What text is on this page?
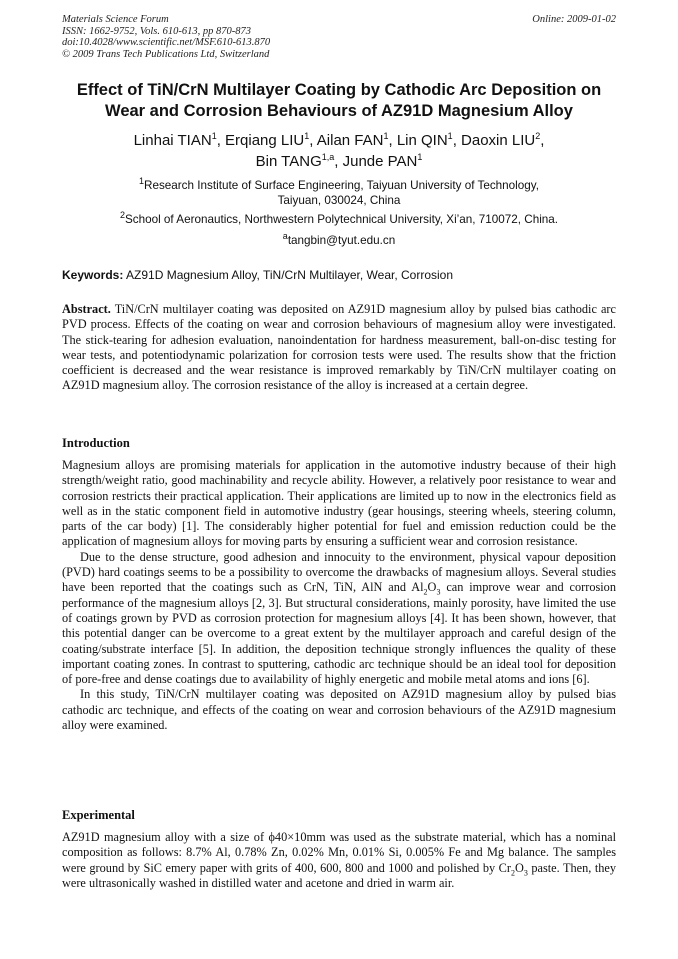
Materials Science Forum
ISSN: 1662-9752, Vols. 610-613, pp 870-873
doi:10.4028/www.scientific.net/MSF.610-613.870
© 2009 Trans Tech Publications Ltd, Switzerland
Online: 2009-01-02
Effect of TiN/CrN Multilayer Coating by Cathodic Arc Deposition on
Wear and Corrosion Behaviours of AZ91D Magnesium Alloy
Linhai TIAN$^1$, Erqiang LIU$^1$, Ailan FAN$^1$, Lin QIN$^1$, Daoxin LIU$^2$,
Bin TANG$^{1,a}$, Junde PAN$^1$
$^1$Research Institute of Surface Engineering, Taiyuan University of Technology,
Taiyuan, 030024, China
$^2$School of Aeronautics, Northwestern Polytechnical University, Xi’an, 710072, China.
$^a$tangbin@tyut.edu.cn
Keywords: AZ91D Magnesium Alloy, TiN/CrN Multilayer, Wear, Corrosion

Abstract. TiN/CrN multilayer coating was deposited on AZ91D magnesium alloy by pulsed bias cathodic arc PVD process. Effects of the coating on wear and corrosion behaviours of magnesium alloy were investigated. The stick-tearing for adhesion evaluation, nanoindentation for hardness measurement, ball-on-disc testing for wear tests, and potentiodynamic polarization for corrosion tests were used. The results show that the friction coefficient is decreased and the wear resistance is improved remarkably by TiN/CrN multilayer coating on AZ91D magnesium alloy. The corrosion resistance of the alloy is increased at a certain degree.

Introduction

Magnesium alloys are promising materials for application in the automotive industry because of their high strength/weight ratio, good machinability and recycle ability. However, a relatively poor resistance to wear and corrosion restricts their practical application. Their applications are limited up to now in the electronics field as well as in the static component field in automotive industry (gear housings, steering wheels, steering column, parts of the car body) [1]. The considerably higher potential for fuel and emission reduction could be the application of magnesium alloys for moving parts by ensuring a sufficient wear and corrosion resistance.

Due to the dense structure, good adhesion and innocuity to the environment, physical vapour deposition (PVD) hard coatings seems to be a possibility to overcome the drawbacks of magnesium alloys. Several studies have been reported that the coatings such as CrN, TiN, AlN and $Al_2O_3$ can improve wear and corrosion performance of the magnesium alloys [2, 3]. But structural considerations, mainly porosity, have limited the use of coatings grown by PVD as corrosion protection for magnesium alloys [4]. It has been shown, however, that this potential danger can be overcome to a great extent by the multilayer approach and careful design of the coating/substrate interface [5]. In addition, the deposition technique strongly influences the quality of these important coating zones. In contrast to sputtering, cathodic arc technique should be an ideal tool for deposition of pore-free and dense coatings due to availability of highly energetic and mobile metal atoms and ions [6].

In this study, TiN/CrN multilayer coating was deposited on AZ91D magnesium alloy by pulsed bias cathodic arc technique, and effects of the coating on wear and corrosion behaviours of the AZ91D magnesium alloy were examined.

Experimental

AZ91D magnesium alloy with a size of ϕ40×10mm was used as the substrate material, which has a nominal composition as follows: 8.7% Al, 0.78% Zn, 0.02% Mn, 0.01% Si, 0.005% Fe and Mg balance. The samples were ground by SiC emery paper with grits of 400, 600, 800 and 1000 and polished by $Cr_2O_3$ paste. Then, they were ultrasonically washed in distilled water and acetone and dried in warm air.
